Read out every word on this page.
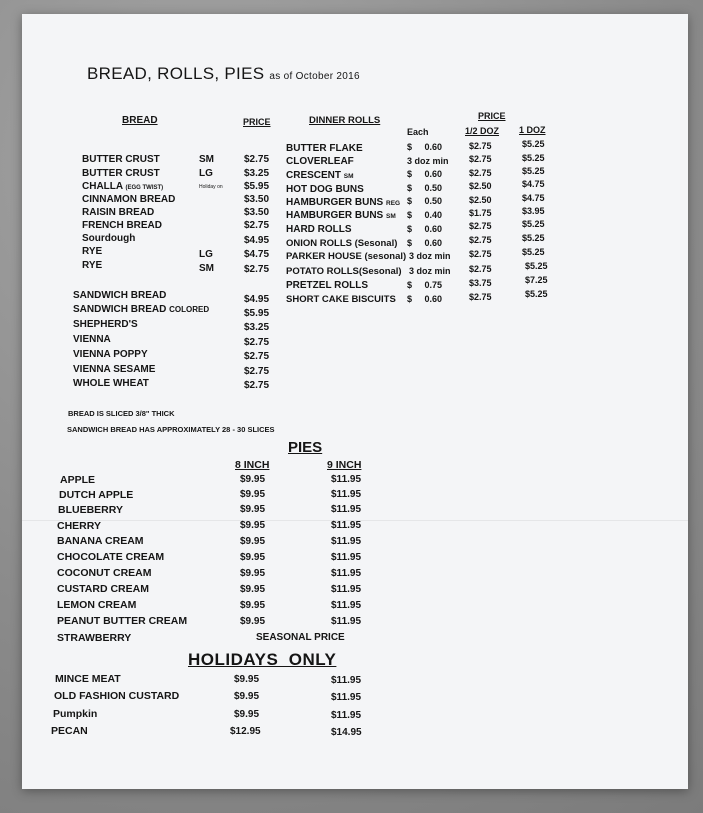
BREAD, ROLLS, PIES as of October 2016
BREAD	PRICE
BUTTER CRUST	SM	$2.75
BUTTER CRUST	LG	$3.25
CHALLA (EGG TWIST)	Holiday on $5.95
CINNAMON BREAD	$3.50
RAISIN BREAD	$3.50
FRENCH BREAD	$2.75
Sourdough	$4.95
RYE	LG	$4.75
RYE	SM	$2.75
SANDWICH BREAD	$4.95
SANDWICH BREAD COLORED	$5.95
SHEPHERD'S	$3.25
VIENNA	$2.75
VIENNA POPPY	$2.75
VIENNA SESAME	$2.75
WHOLE WHEAT	$2.75
BREAD IS SLICED 3/8" THICK
SANDWICH BREAD HAS APPROXIMATELY 28 - 30 SLICES
DINNER ROLLS	PRICE
Each	1/2 DOZ 1 DOZ
BUTTER FLAKE	$     0.60	$2.75	$5.25
CLOVERLEAF	3 doz min $2.75	$5.25
CRESCENT SM	$     0.60	$2.75	$5.25
HOT DOG BUNS	$     0.50	$2.50	$4.75
HAMBURGER BUNS REG $     0.50	$2.50	$4.75
HAMBURGER BUNS SM $     0.40	$1.75	$3.95
HARD ROLLS	$     0.60	$2.75	$5.25
ONION ROLLS (Sesonal) $     0.60	$2.75	$5.25
PARKER HOUSE (sesonal) 3 doz min $2.75	$5.25
POTATO ROLLS(Sesonal) 3 doz min $2.75	$5.25
PRETZEL ROLLS	$     0.75	$3.75	$7.25
SHORT CAKE BISCUITS $     0.60	$2.75	$5.25
PIES
8 INCH	9 INCH
APPLE	$9.95	$11.95
DUTCH APPLE	$9.95	$11.95
BLUEBERRY	$9.95	$11.95
CHERRY	$9.95	$11.95
BANANA CREAM	$9.95	$11.95
CHOCOLATE CREAM	$9.95	$11.95
COCONUT CREAM	$9.95	$11.95
CUSTARD CREAM	$9.95	$11.95
LEMON CREAM	$9.95	$11.95
PEANUT BUTTER CREAM	$9.95	$11.95
STRAWBERRY	SEASONAL PRICE
HOLIDAYS  ONLY
MINCE MEAT	$9.95	$11.95
OLD FASHION CUSTARD	$9.95	$11.95
Pumpkin	$9.95	$11.95
PECAN	$12.95	$14.95
